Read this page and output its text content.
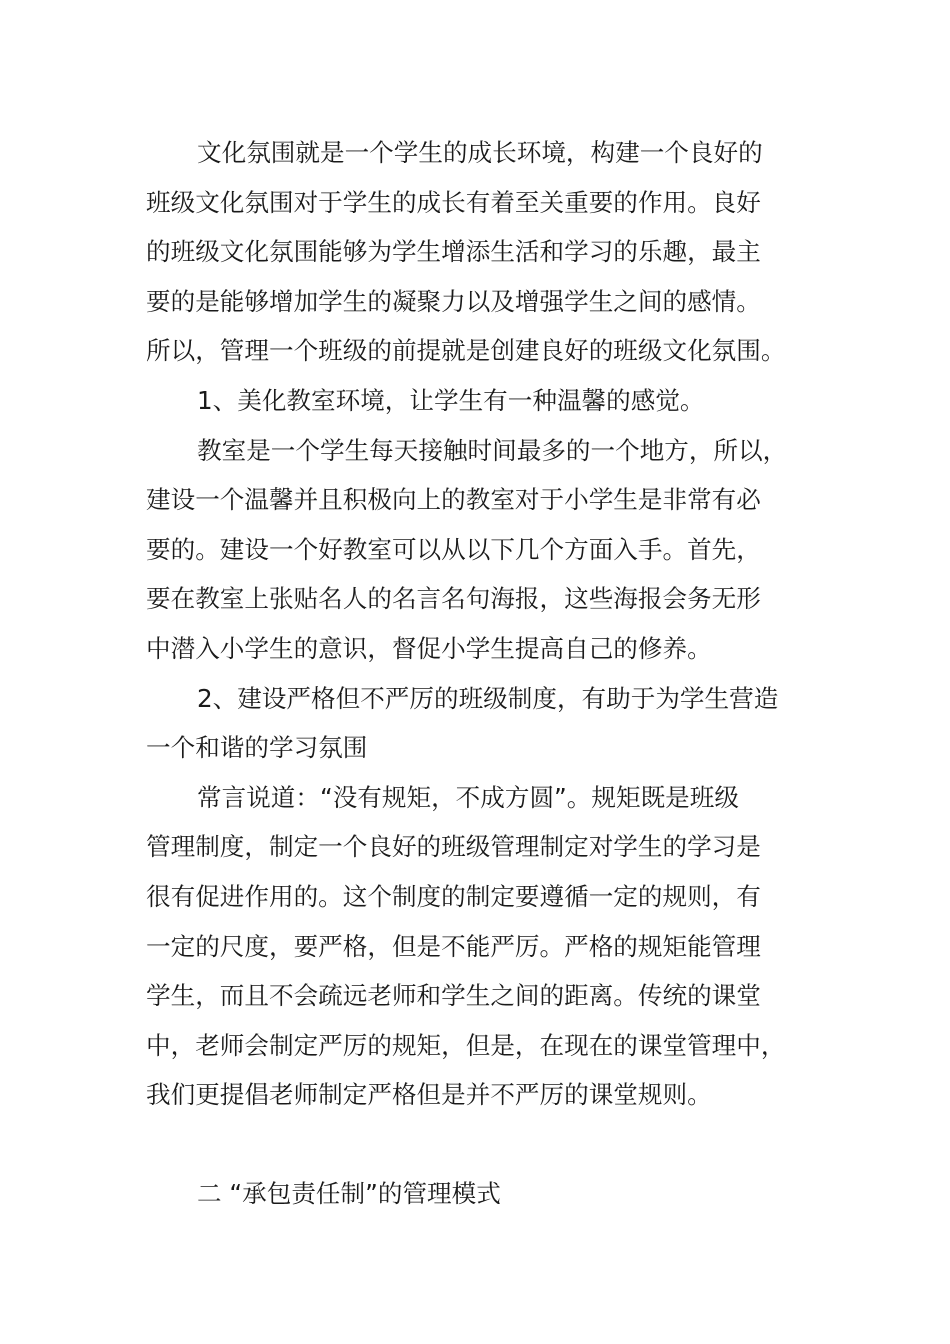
文化氛围就是一个学生的成长环境，构建一个良好的
班级文化氛围对于学生的成长有着至关重要的作用。良好
的班级文化氛围能够为学生增添生活和学习的乐趣，最主
要的是能够增加学生的凝聚力以及增强学生之间的感情。
所以，管理一个班级的前提就是创建良好的班级文化氛围。
1、美化教室环境，让学生有一种温馨的感觉。
教室是一个学生每天接触时间最多的一个地方，所以，
建设一个温馨并且积极向上的教室对于小学生是非常有必
要的。建设一个好教室可以从以下几个方面入手。首先，
要在教室上张贴名人的名言名句海报，这些海报会务无形
中潜入小学生的意识，督促小学生提高自己的修养。
2、建设严格但不严厉的班级制度，有助于为学生营造
一个和谐的学习氛围
常言说道：“没有规矩，不成方圆”。规矩既是班级
管理制度，制定一个良好的班级管理制定对学生的学习是
很有促进作用的。这个制度的制定要遵循一定的规则，有
一定的尺度，要严格，但是不能严厉。严格的规矩能管理
学生，而且不会疏远老师和学生之间的距离。传统的课堂
中，老师会制定严厉的规矩，但是，在现在的课堂管理中，
我们更提倡老师制定严格但是并不严厉的课堂规则。
二 “承包责任制”的管理模式
